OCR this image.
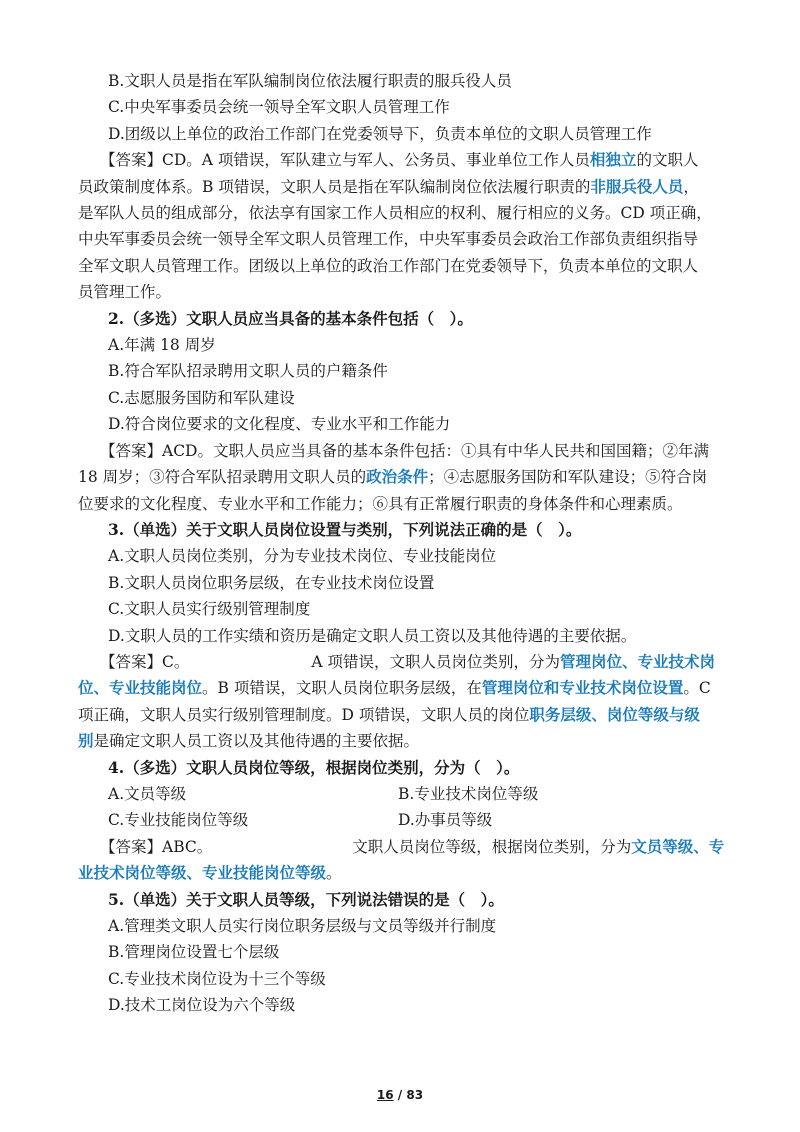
B.文职人员是指在军队编制岗位依法履行职责的服兵役人员
C.中央军事委员会统一领导全军文职人员管理工作
D.团级以上单位的政治工作部门在党委领导下，负责本单位的文职人员管理工作
【答案】CD。A 项错误，军队建立与军人、公务员、事业单位工作人员相独立的文职人
员政策制度体系。B 项错误，文职人员是指在军队编制岗位依法履行职责的非服兵役人员，
是军队人员的组成部分，依法享有国家工作人员相应的权利、履行相应的义务。CD 项正确，
中央军事委员会统一领导全军文职人员管理工作，中央军事委员会政治工作部负责组织指导
全军文职人员管理工作。团级以上单位的政治工作部门在党委领导下，负责本单位的文职人
员管理工作。
2.（多选）文职人员应当具备的基本条件包括（　）。
A.年满 18 周岁
B.符合军队招录聘用文职人员的户籍条件
C.志愿服务国防和军队建设
D.符合岗位要求的文化程度、专业水平和工作能力
【答案】ACD。文职人员应当具备的基本条件包括：①具有中华人民共和国国籍；②年满
18 周岁；③符合军队招录聘用文职人员的政治条件；④志愿服务国防和军队建设；⑤符合岗
位要求的文化程度、专业水平和工作能力；⑥具有正常履行职责的身体条件和心理素质。
3.（单选）关于文职人员岗位设置与类别，下列说法正确的是（　）。
A.文职人员岗位类别，分为专业技术岗位、专业技能岗位
B.文职人员岗位职务层级，在专业技术岗位设置
C.文职人员实行级别管理制度
D.文职人员的工作实绩和资历是确定文职人员工资以及其他待遇的主要依据。
【答案】C。	A 项错误，文职人员岗位类别，分为管理岗位、专业技术岗
位、专业技能岗位。B 项错误，文职人员岗位职务层级，在管理岗位和专业技术岗位设置。C
项正确，文职人员实行级别管理制度。D 项错误，文职人员的岗位职务层级、岗位等级与级
别是确定文职人员工资以及其他待遇的主要依据。
4.（多选）文职人员岗位等级，根据岗位类别，分为（　）。
A.文员等级	B.专业技术岗位等级
C.专业技能岗位等级	D.办事员等级
【答案】ABC。	文职人员岗位等级，根据岗位类别，分为文员等级、专
业技术岗位等级、专业技能岗位等级。
5.（单选）关于文职人员等级，下列说法错误的是（　）。
A.管理类文职人员实行岗位职务层级与文员等级并行制度
B.管理岗位设置七个层级
C.专业技术岗位设为十三个等级
D.技术工岗位设为六个等级
16 / 83
